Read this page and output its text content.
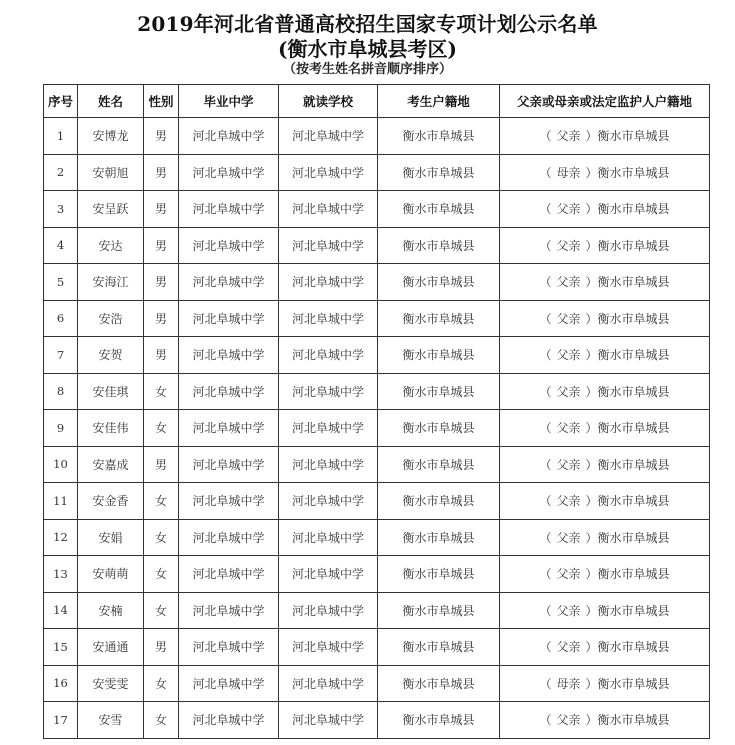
2019年河北省普通高校招生国家专项计划公示名单
(衡水市阜城县考区)
（按考生姓名拼音顺序排序）
序号	姓名	性别	毕业中学	就读学校	考生户籍地	父亲或母亲或法定监护人户籍地
1	安博龙	男	河北阜城中学	河北阜城中学	衡水市阜城县	（ 父亲 ）衡水市阜城县
2	安朝旭	男	河北阜城中学	河北阜城中学	衡水市阜城县	（ 母亲 ）衡水市阜城县
3	安呈跃	男	河北阜城中学	河北阜城中学	衡水市阜城县	（ 父亲 ）衡水市阜城县
4	安达	男	河北阜城中学	河北阜城中学	衡水市阜城县	（ 父亲 ）衡水市阜城县
5	安海江	男	河北阜城中学	河北阜城中学	衡水市阜城县	（ 父亲 ）衡水市阜城县
6	安浩	男	河北阜城中学	河北阜城中学	衡水市阜城县	（ 父亲 ）衡水市阜城县
7	安贺	男	河北阜城中学	河北阜城中学	衡水市阜城县	（ 父亲 ）衡水市阜城县
8	安佳琪	女	河北阜城中学	河北阜城中学	衡水市阜城县	（ 父亲 ）衡水市阜城县
9	安佳伟	女	河北阜城中学	河北阜城中学	衡水市阜城县	（ 父亲 ）衡水市阜城县
10	安嘉成	男	河北阜城中学	河北阜城中学	衡水市阜城县	（ 父亲 ）衡水市阜城县
11	安金香	女	河北阜城中学	河北阜城中学	衡水市阜城县	（ 父亲 ）衡水市阜城县
12	安娟	女	河北阜城中学	河北阜城中学	衡水市阜城县	（ 父亲 ）衡水市阜城县
13	安萌萌	女	河北阜城中学	河北阜城中学	衡水市阜城县	（ 父亲 ）衡水市阜城县
14	安楠	女	河北阜城中学	河北阜城中学	衡水市阜城县	（ 父亲 ）衡水市阜城县
15	安通通	男	河北阜城中学	河北阜城中学	衡水市阜城县	（ 父亲 ）衡水市阜城县
16	安雯雯	女	河北阜城中学	河北阜城中学	衡水市阜城县	（ 母亲 ）衡水市阜城县
17	安雪	女	河北阜城中学	河北阜城中学	衡水市阜城县	（ 父亲 ）衡水市阜城县
